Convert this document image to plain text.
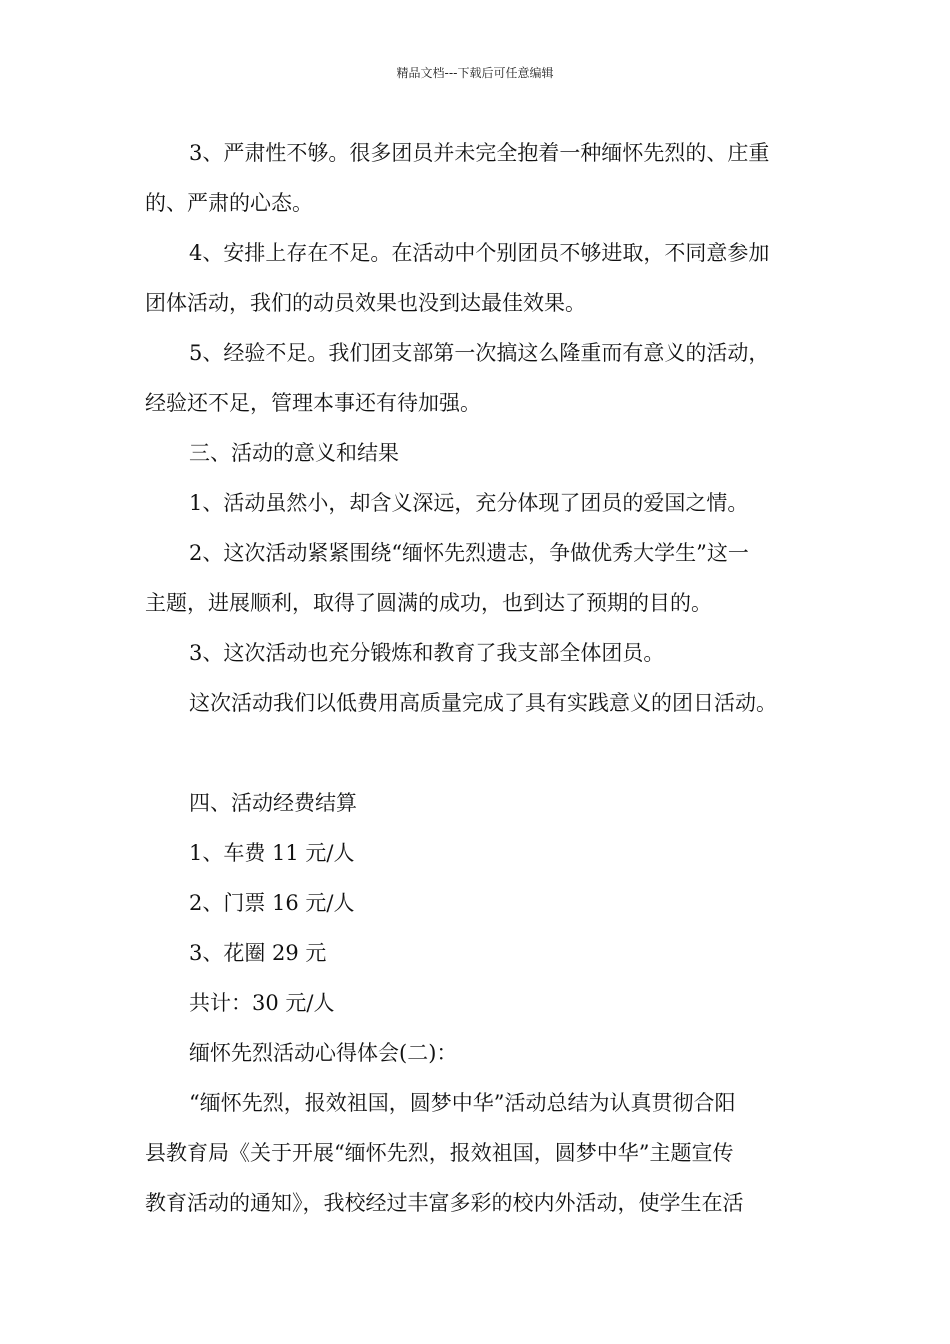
精品文档---下载后可任意编辑
3、严肃性不够。很多团员并未完全抱着一种缅怀先烈的、庄重
的、严肃的心态。
4、安排上存在不足。在活动中个别团员不够进取，不同意参加
团体活动，我们的动员效果也没到达最佳效果。
5、经验不足。我们团支部第一次搞这么隆重而有意义的活动，
经验还不足，管理本事还有待加强。
三、活动的意义和结果
1、活动虽然小，却含义深远，充分体现了团员的爱国之情。
2、这次活动紧紧围绕“缅怀先烈遗志，争做优秀大学生”这一
主题，进展顺利，取得了圆满的成功，也到达了预期的目的。
3、这次活动也充分锻炼和教育了我支部全体团员。
这次活动我们以低费用高质量完成了具有实践意义的团日活动。
四、活动经费结算
1、车费 11 元/人
2、门票 16 元/人
3、花圈 29 元
共计：30 元/人
缅怀先烈活动心得体会(二)：
“缅怀先烈，报效祖国，圆梦中华”活动总结为认真贯彻合阳
县教育局《关于开展“缅怀先烈，报效祖国，圆梦中华”主题宣传
教育活动的通知》，我校经过丰富多彩的校内外活动，使学生在活
